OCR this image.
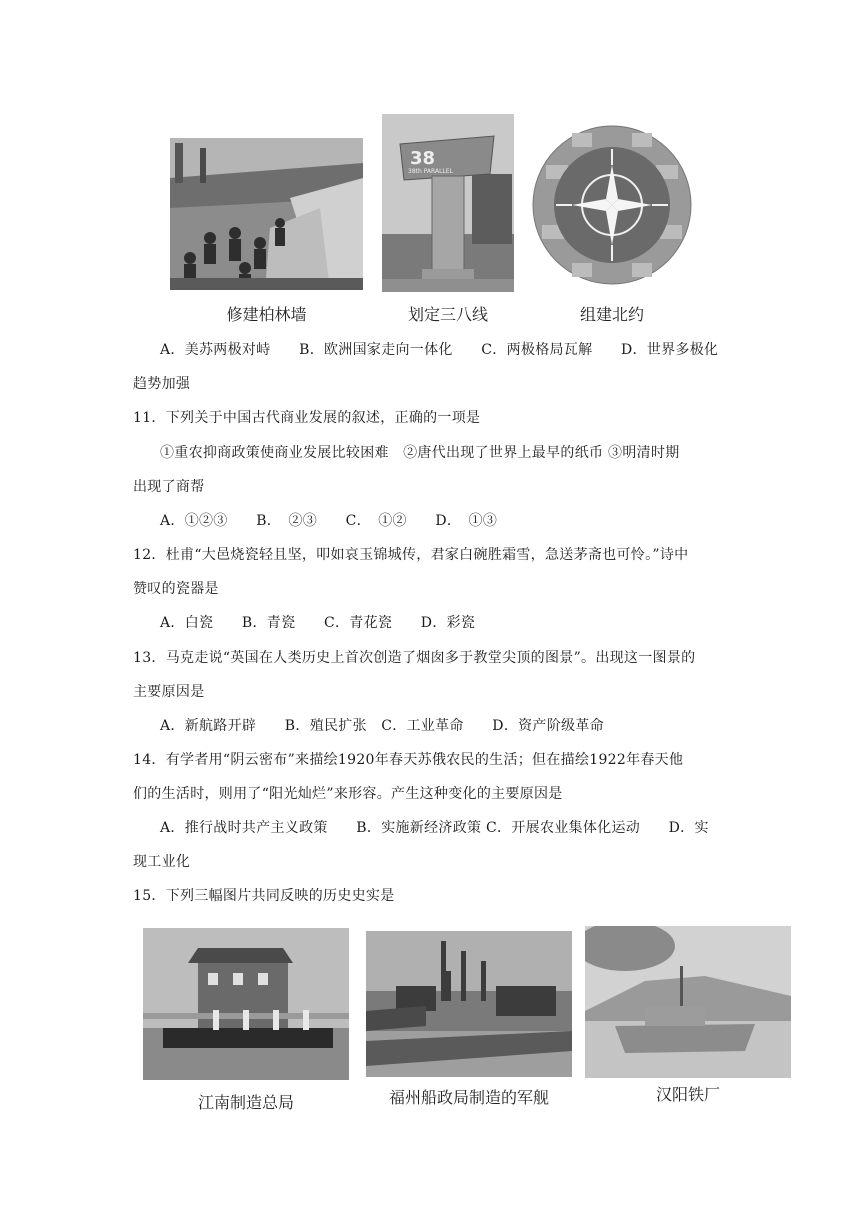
修建柏林墙
38
38th PARALLEL
划定三八线	组建北约
A．美苏两极对峙　　B．欧洲国家走向一体化　　C．两极格局瓦解　　D．世界多极化
趋势加强
11．下列关于中国古代商业发展的叙述，正确的一项是
①重农抑商政策使商业发展比较困难　②唐代出现了世界上最早的纸币 ③明清时期
出现了商帮
A．①②③　　B．　②③　　C．　①②　　D．　①③
12．杜甫“大邑烧瓷轻且坚，叩如哀玉锦城传，君家白碗胜霜雪，急送茅斋也可怜。”诗中
赞叹的瓷器是
A．白瓷　　B．青瓷　　C．青花瓷　　D．彩瓷
13．马克走说“英国在人类历史上首次创造了烟囱多于教堂尖顶的图景”。出现这一图景的
主要原因是
A．新航路开辟　　B．殖民扩张　C．工业革命　　D．资产阶级革命
14．有学者用“阴云密布”来描绘1920年春天苏俄农民的生活；但在描绘1922年春天他
们的生活时，则用了“阳光灿烂”来形容。产生这种变化的主要原因是
A．推行战时共产主义政策　　B．实施新经济政策 C．开展农业集体化运动　　D．实
现工业化
15．下列三幅图片共同反映的历史史实是
江南制造总局	福州船政局制造的军舰	汉阳铁厂
